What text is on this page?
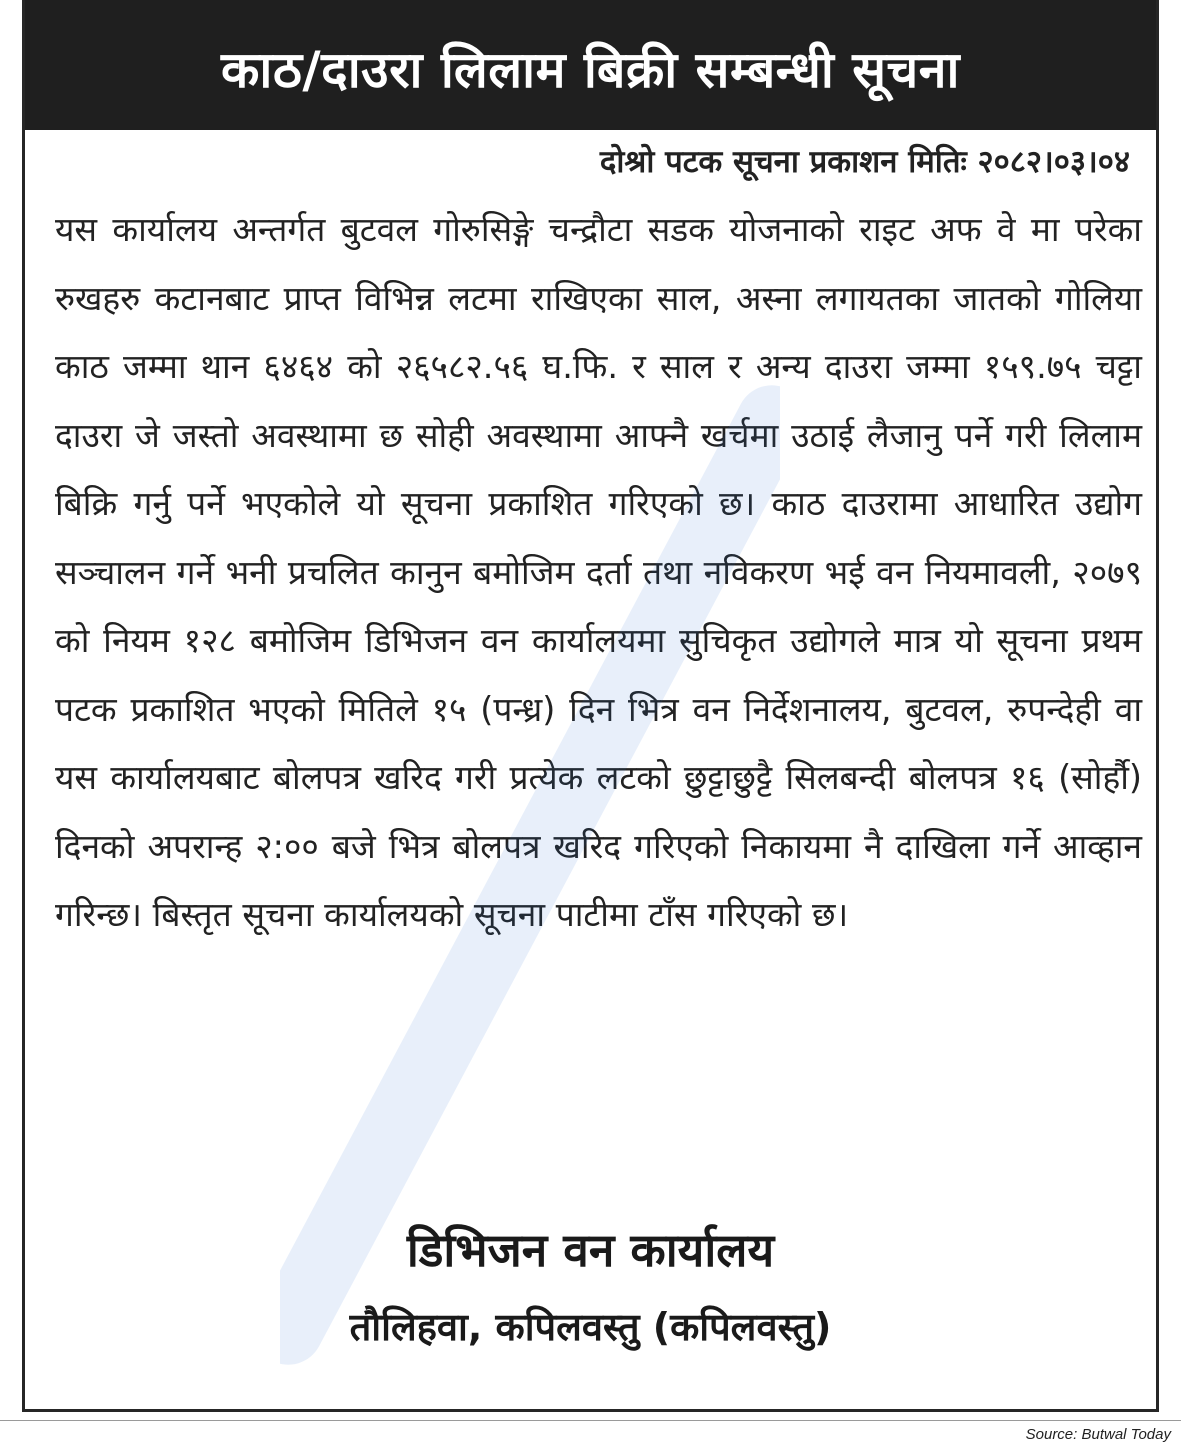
काठ/दाउरा लिलाम बिक्री सम्बन्धी सूचना
दोश्रो पटक सूचना प्रकाशन मितिः २०८२।०३।०४

यस कार्यालय अन्तर्गत बुटवल गोरुसिङ्गे चन्द्रौटा सडक योजनाको राइट अफ वे मा परेका रुखहरु कटानबाट प्राप्त विभिन्न लटमा राखिएका साल, अस्ना लगायतका जातको गोलिया काठ जम्मा थान ६४६४ को २६५८२.५६ घ.फि. र साल र अन्य दाउरा जम्मा १५९.७५ चट्टा दाउरा जे जस्तो अवस्थामा छ सोही अवस्थामा आफ्नै खर्चमा उठाई लैजानु पर्ने गरी लिलाम बिक्रि गर्नु पर्ने भएकोले यो सूचना प्रकाशित गरिएको छ। काठ दाउरामा आधारित उद्योग सञ्चालन गर्ने भनी प्रचलित कानुन बमोजिम दर्ता तथा नविकरण भई वन नियमावली, २०७९ को नियम १२८ बमोजिम डिभिजन वन कार्यालयमा सुचिकृत उद्योगले मात्र यो सूचना प्रथम पटक प्रकाशित भएको मितिले १५ (पन्ध्र) दिन भित्र वन निर्देशनालय, बुटवल, रुपन्देही वा यस कार्यालयबाट बोलपत्र खरिद गरी प्रत्येक लटको छुट्टाछुट्टै सिलबन्दी बोलपत्र १६ (सोर्हौ) दिनको अपरान्ह २:०० बजे भित्र बोलपत्र खरिद गरिएको निकायमा नै दाखिला गर्ने आव्हान गरिन्छ। बिस्तृत सूचना कार्यालयको सूचना पाटीमा टाँस गरिएको छ।

डिभिजन वन कार्यालय
तौलिहवा, कपिलवस्तु (कपिलवस्तु)
Source: Butwal Today
